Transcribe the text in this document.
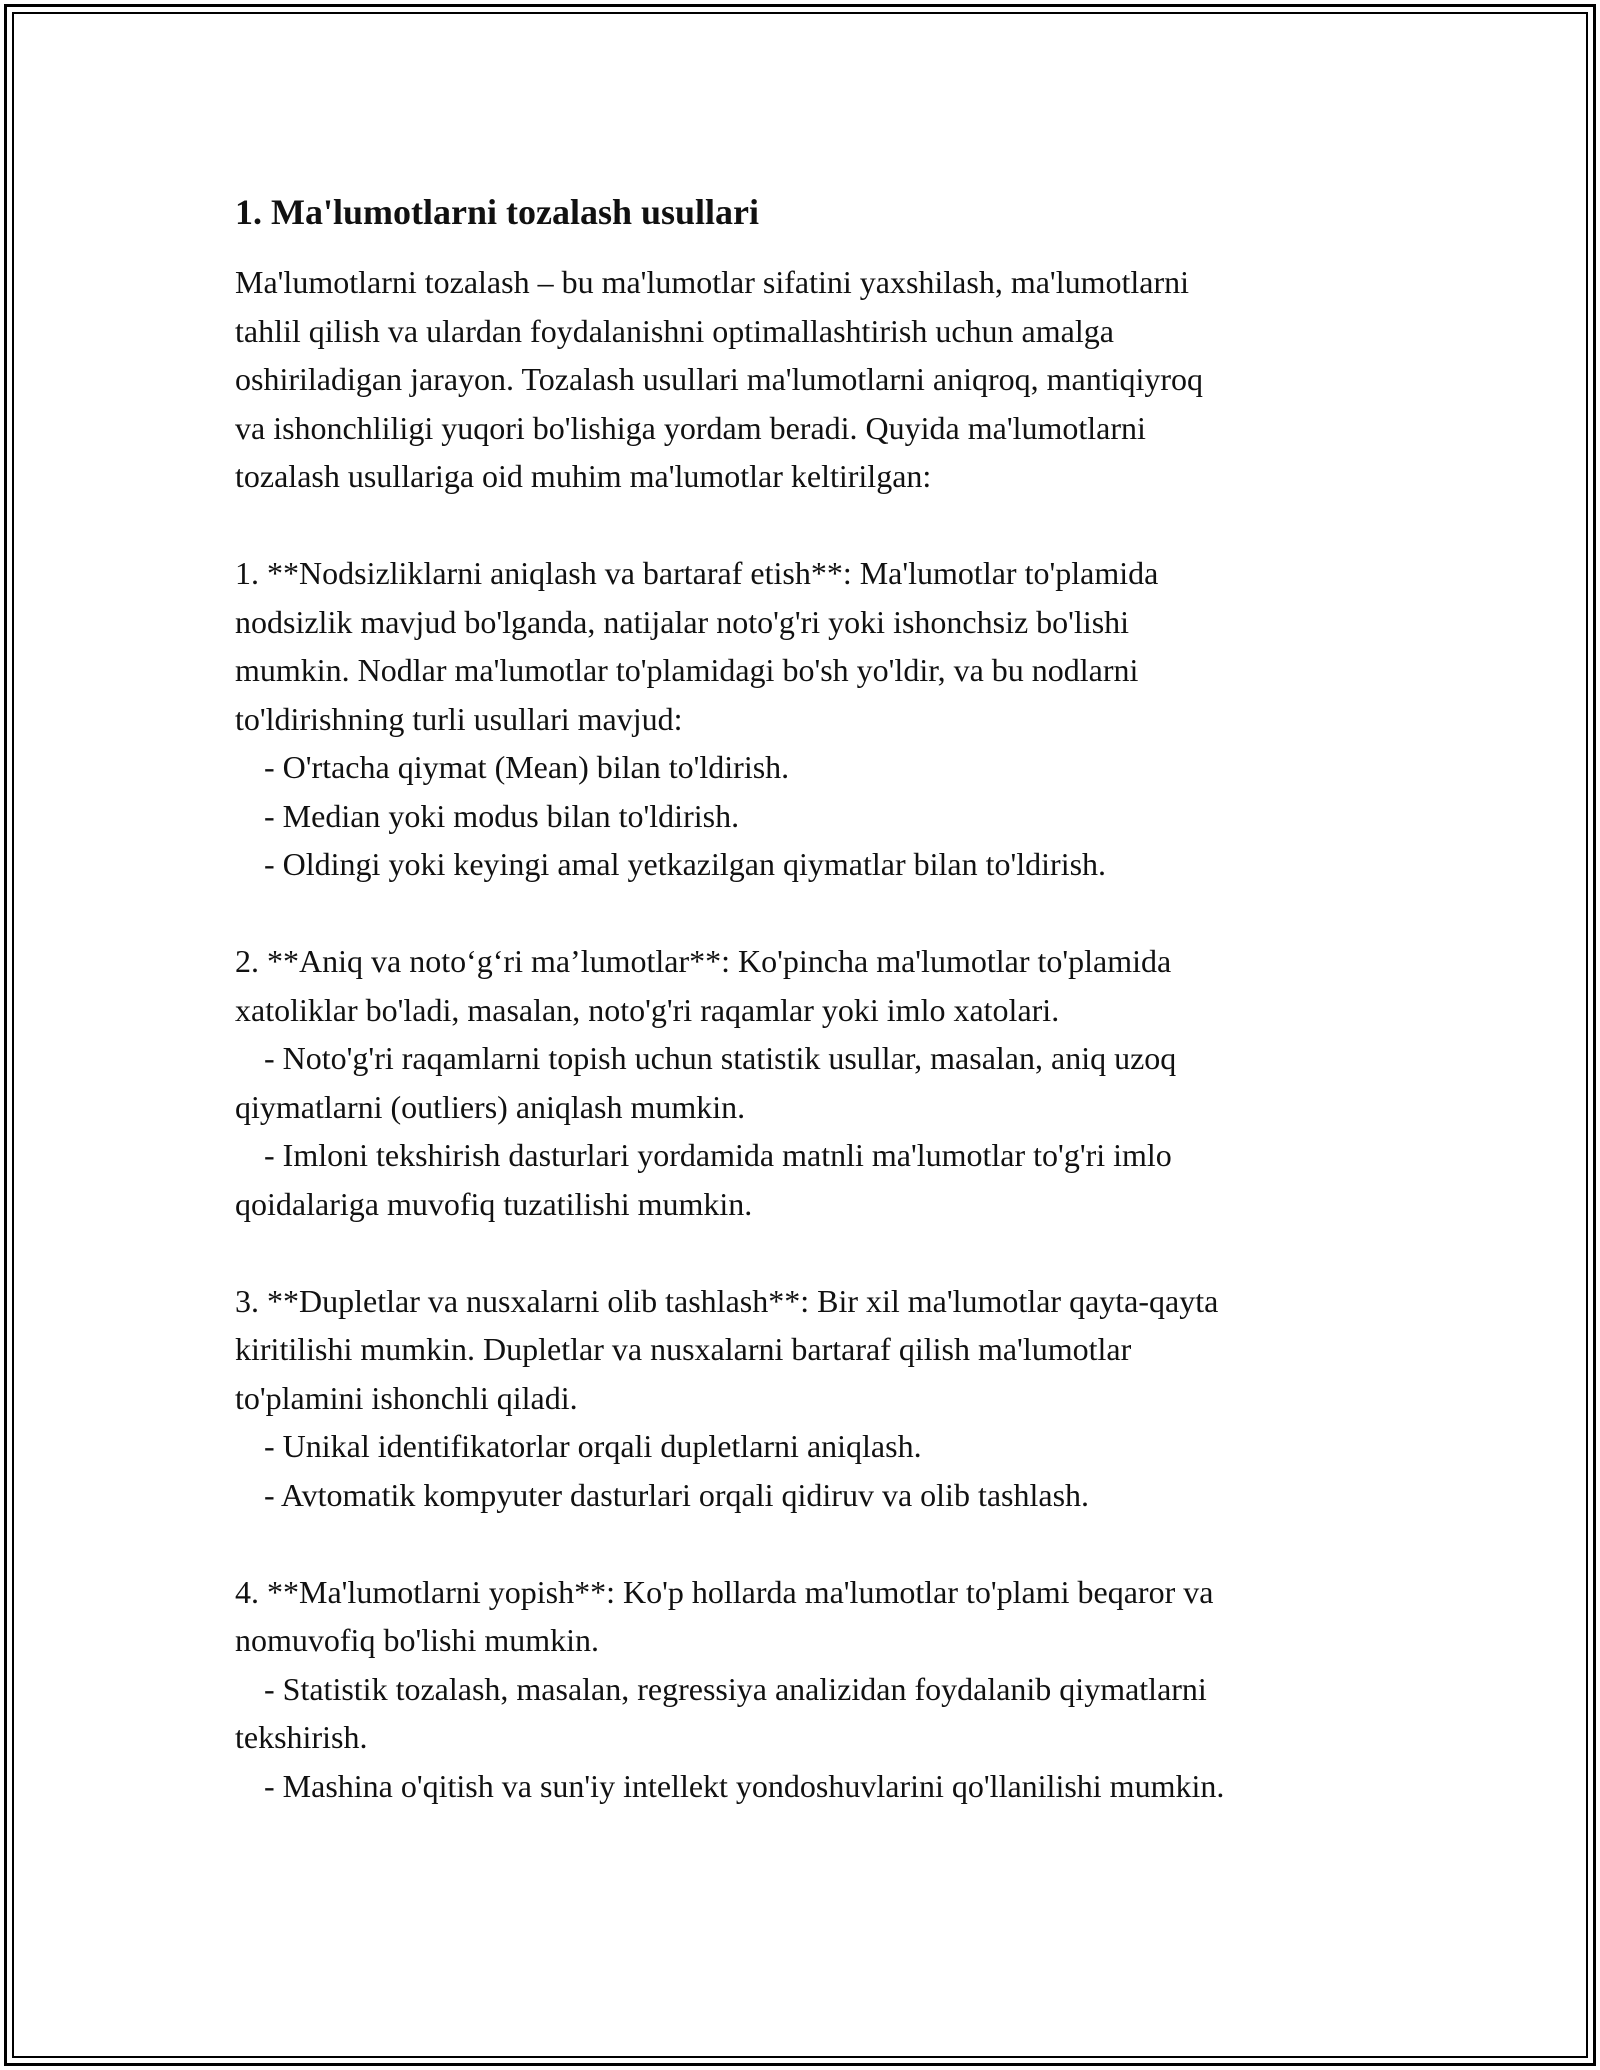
1. Ma'lumotlarni tozalash usullari
Ma'lumotlarni tozalash – bu ma'lumotlar sifatini yaxshilash, ma'lumotlarni
tahlil qilish va ulardan foydalanishni optimallashtirish uchun amalga
oshiriladigan jarayon. Tozalash usullari ma'lumotlarni aniqroq, mantiqiyroq
va ishonchliligi yuqori bo'lishiga yordam beradi. Quyida ma'lumotlarni
tozalash usullariga oid muhim ma'lumotlar keltirilgan:
1. **Nodsizliklarni aniqlash va bartaraf etish**: Ma'lumotlar to'plamida
nodsizlik mavjud bo'lganda, natijalar noto'g'ri yoki ishonchsiz bo'lishi
mumkin. Nodlar ma'lumotlar to'plamidagi bo'sh yo'ldir, va bu nodlarni
to'ldirishning turli usullari mavjud:
- O'rtacha qiymat (Mean) bilan to'ldirish.
- Median yoki modus bilan to'ldirish.
- Oldingi yoki keyingi amal yetkazilgan qiymatlar bilan to'ldirish.
2. **Aniq va noto‘g‘ri ma’lumotlar**: Ko'pincha ma'lumotlar to'plamida
xatoliklar bo'ladi, masalan, noto'g'ri raqamlar yoki imlo xatolari.
- Noto'g'ri raqamlarni topish uchun statistik usullar, masalan, aniq uzoq
qiymatlarni (outliers) aniqlash mumkin.
- Imloni tekshirish dasturlari yordamida matnli ma'lumotlar to'g'ri imlo
qoidalariga muvofiq tuzatilishi mumkin.
3. **Dupletlar va nusxalarni olib tashlash**: Bir xil ma'lumotlar qayta-qayta
kiritilishi mumkin. Dupletlar va nusxalarni bartaraf qilish ma'lumotlar
to'plamini ishonchli qiladi.
- Unikal identifikatorlar orqali dupletlarni aniqlash.
- Avtomatik kompyuter dasturlari orqali qidiruv va olib tashlash.
4. **Ma'lumotlarni yopish**: Ko'p hollarda ma'lumotlar to'plami beqaror va
nomuvofiq bo'lishi mumkin.
- Statistik tozalash, masalan, regressiya analizidan foydalanib qiymatlarni
tekshirish.
- Mashina o'qitish va sun'iy intellekt yondoshuvlarini qo'llanilishi mumkin.
